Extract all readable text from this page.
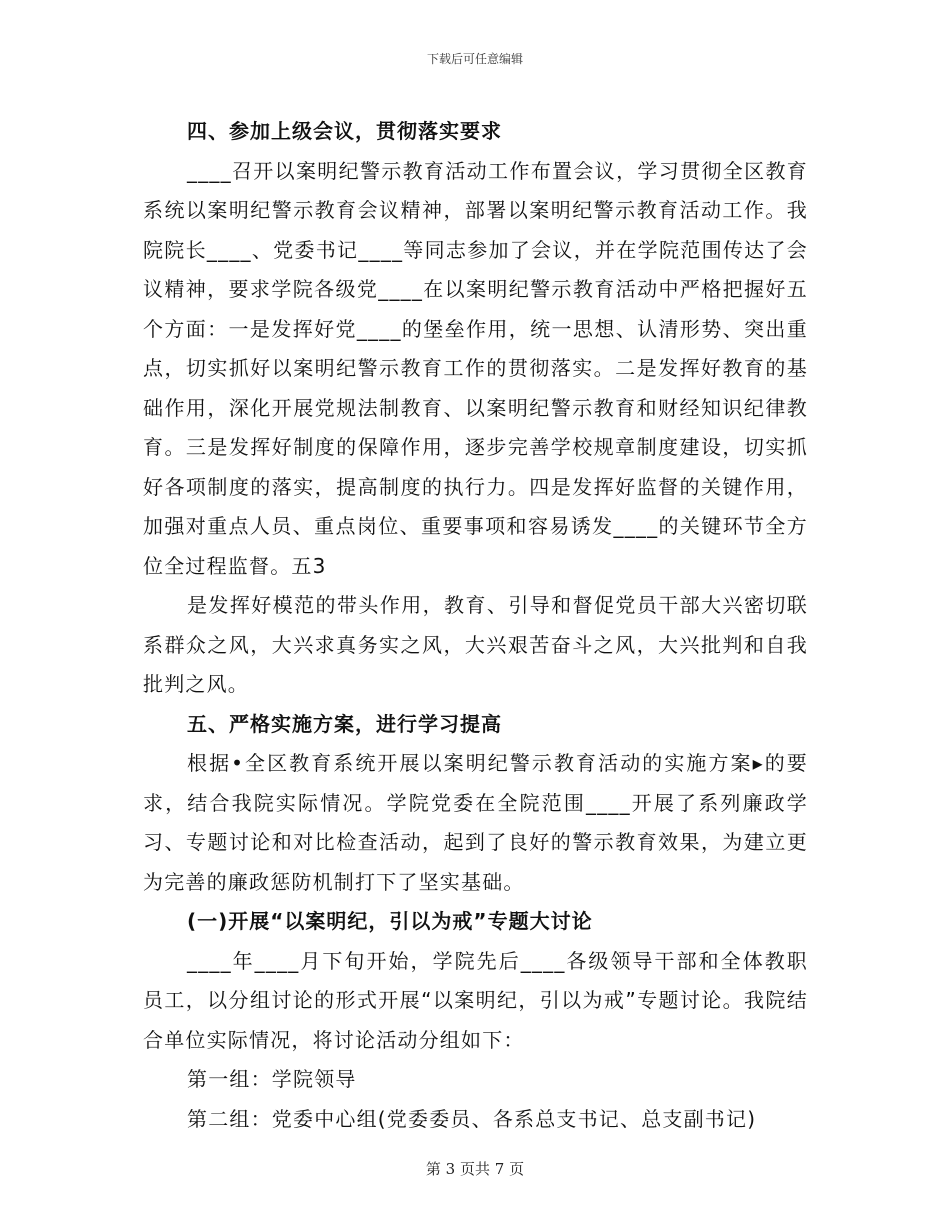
下载后可任意编辑

四、参加上级会议，贯彻落实要求

____召开以案明纪警示教育活动工作布置会议，学习贯彻全区教育系统以案明纪警示教育会议精神，部署以案明纪警示教育活动工作。我院院长____、党委书记____等同志参加了会议，并在学院范围传达了会议精神，要求学院各级党____在以案明纪警示教育活动中严格把握好五个方面：一是发挥好党____的堡垒作用，统一思想、认清形势、突出重点，切实抓好以案明纪警示教育工作的贯彻落实。二是发挥好教育的基础作用，深化开展党规法制教育、以案明纪警示教育和财经知识纪律教育。三是发挥好制度的保障作用，逐步完善学校规章制度建设，切实抓好各项制度的落实，提高制度的执行力。四是发挥好监督的关键作用，加强对重点人员、重点岗位、重要事项和容易诱发____的关键环节全方位全过程监督。五3

是发挥好模范的带头作用，教育、引导和督促党员干部大兴密切联系群众之风，大兴求真务实之风，大兴艰苦奋斗之风，大兴批判和自我批判之风。

五、严格实施方案，进行学习提高

根据•全区教育系统开展以案明纪警示教育活动的实施方案▸的要求，结合我院实际情况。学院党委在全院范围____开展了系列廉政学习、专题讨论和对比检查活动，起到了良好的警示教育效果，为建立更为完善的廉政惩防机制打下了坚实基础。

(一)开展“以案明纪，引以为戒”专题大讨论

____年____月下旬开始，学院先后____各级领导干部和全体教职员工，以分组讨论的形式开展“以案明纪，引以为戒”专题讨论。我院结合单位实际情况，将讨论活动分组如下：

第一组：学院领导

第二组：党委中心组(党委委员、各系总支书记、总支副书记)

第 3 页共 7 页
